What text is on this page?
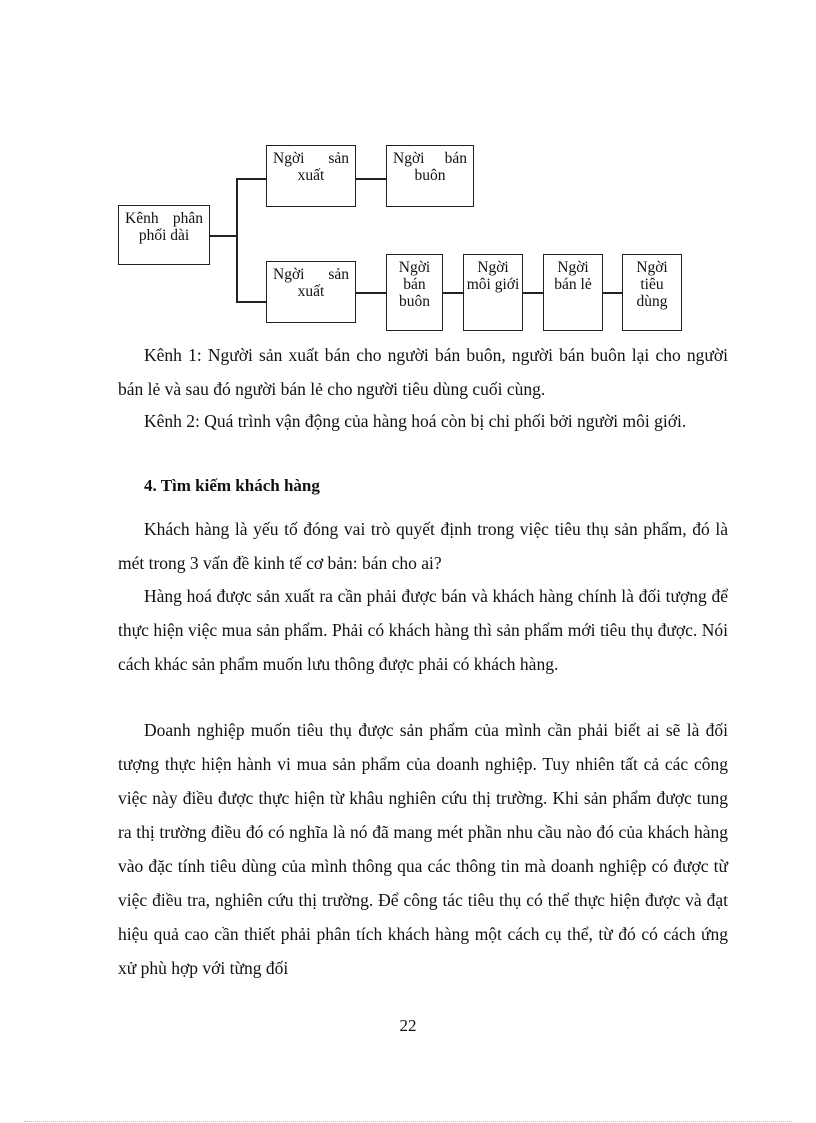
Kênh phân phối dài
Ngời sản xuất
Ngời bán buôn
Ngời sản xuất
Ngời bán buôn
Ngời môi giới
Ngời bán lẻ
Ngời tiêu dùng

Kênh 1: Người sản xuất bán cho người bán buôn, người bán buôn lại cho người bán lẻ và sau đó người bán lẻ cho người tiêu dùng cuối cùng.

Kênh 2: Quá trình vận động của hàng hoá còn bị chi phối bởi người môi giới.

4. Tìm kiếm khách hàng

Khách hàng là yếu tố đóng vai trò quyết định trong việc tiêu thụ sản phẩm, đó là mét trong 3 vấn đề kinh tế cơ bản: bán cho ai?

Hàng hoá được sản xuất ra cần phải được bán và khách hàng chính là đối tượng để thực hiện việc mua sản phẩm. Phải có khách hàng thì sản phẩm mới tiêu thụ được. Nói cách khác sản phẩm muốn lưu thông được phải có khách hàng.

Doanh nghiệp muốn tiêu thụ được sản phẩm của mình cần phải biết ai sẽ là đối tượng thực hiện hành vi mua sản phẩm của doanh nghiệp. Tuy nhiên tất cả các công việc này điều được thực hiện từ khâu nghiên cứu thị trường. Khi sản phẩm được tung ra thị trường điều đó có nghĩa là nó đã mang mét phần nhu cầu nào đó của khách hàng vào đặc tính tiêu dùng của mình thông qua các thông tin mà doanh nghiệp có được từ việc điều tra, nghiên cứu thị trường. Để công tác tiêu thụ có thể thực hiện được và đạt hiệu quả cao cần thiết phải phân tích khách hàng một cách cụ thể, từ đó có cách ứng xử phù hợp với từng đối

22
